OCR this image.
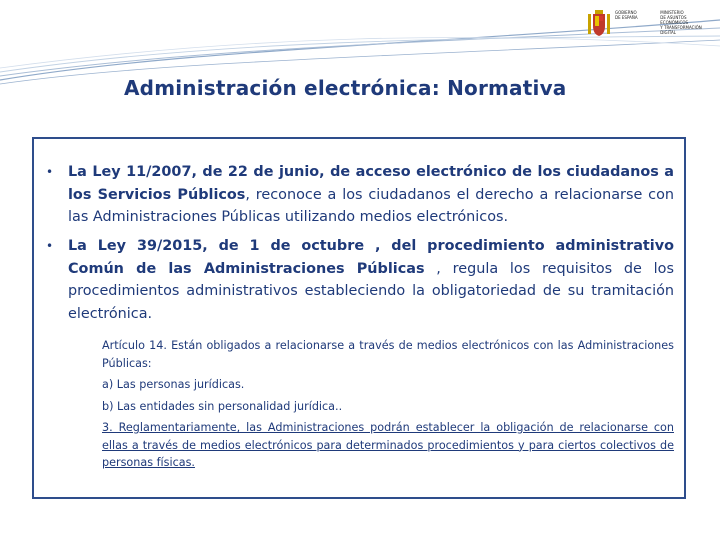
GOBIERNO
DE ESPAÑA MINISTERIO
DE ASUNTOS ECONÓMICOS
Y TRANSFORMACIÓN DIGITAL
Administración electrónica: Normativa
•	La Ley 11/2007, de 22 de junio, de acceso electrónico de los ciudadanos a los Servicios Públicos, reconoce a los ciudadanos el derecho a relacionarse con las Administraciones Públicas utilizando medios electrónicos.
•	La Ley 39/2015, de 1 de octubre , del procedimiento administrativo Común de las Administraciones Públicas , regula los requisitos de los procedimientos administrativos estableciendo la obligatoriedad de su tramitación electrónica.

Artículo 14. Están obligados a relacionarse a través de medios electrónicos con las Administraciones Públicas:

a) Las personas jurídicas.

b) Las entidades sin personalidad jurídica..

3. Reglamentariamente, las Administraciones podrán establecer la obligación de relacionarse con ellas a través de medios electrónicos para determinados procedimientos y para ciertos colectivos de personas físicas.
